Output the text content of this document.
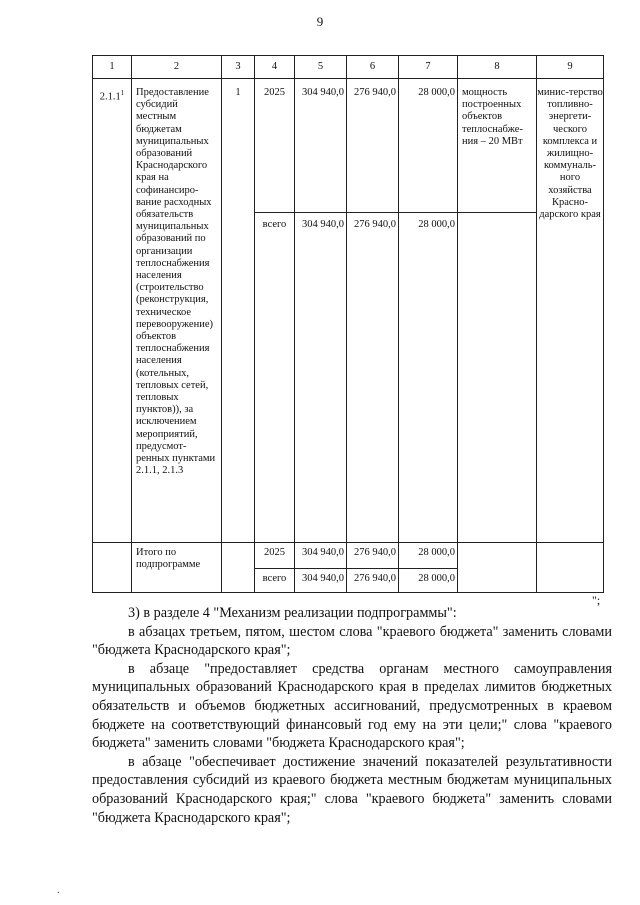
9
1	2	3	4	5	6	7	8	9
2.1.1$^1$	Предоставление субсидий местным бюджетам муниципальных образований Краснодарского края на софинансиро-вание расходных обязательств муниципальных образований по организации теплоснабжения населения (строительство (реконструкция, техническое перевооружение) объектов теплоснабжения населения (котельных, тепловых сетей, тепловых пунктов)), за исключением мероприятий, предусмот-ренных пунктами 2.1.1, 2.1.3	1	2025	304 940,0	276 940,0	28 000,0	мощность построенных объектов теплоснабже-ния – 20 МВт	минис-терство топливно-энергети-ческого комплекса и жилищно-коммуналь-ного хозяйства Красно-дарского края
			всего	304 940,0	276 940,0	28 000,0		
	Итого по подпрограмме		2025	304 940,0	276 940,0	28 000,0		
			всего	304 940,0	276 940,0	28 000,0		
";

3) в разделе 4 "Механизм реализации подпрограммы":

в абзацах третьем, пятом, шестом слова "краевого бюджета" заменить словами "бюджета Краснодарского края";

в абзаце "предоставляет средства органам местного самоуправления муниципальных образований Краснодарского края в пределах лимитов бюджетных обязательств и объемов бюджетных ассигнований, предусмотренных в краевом бюджете на соответствующий финансовый год ему на эти цели;" слова "краевого бюджета" заменить словами "бюджета Краснодарского края";

в абзаце "обеспечивает достижение значений показателей результативности предоставления субсидий из краевого бюджета местным бюджетам муниципальных образований Краснодарского края;" слова "краевого бюджета" заменить словами "бюджета Краснодарского края";

.
